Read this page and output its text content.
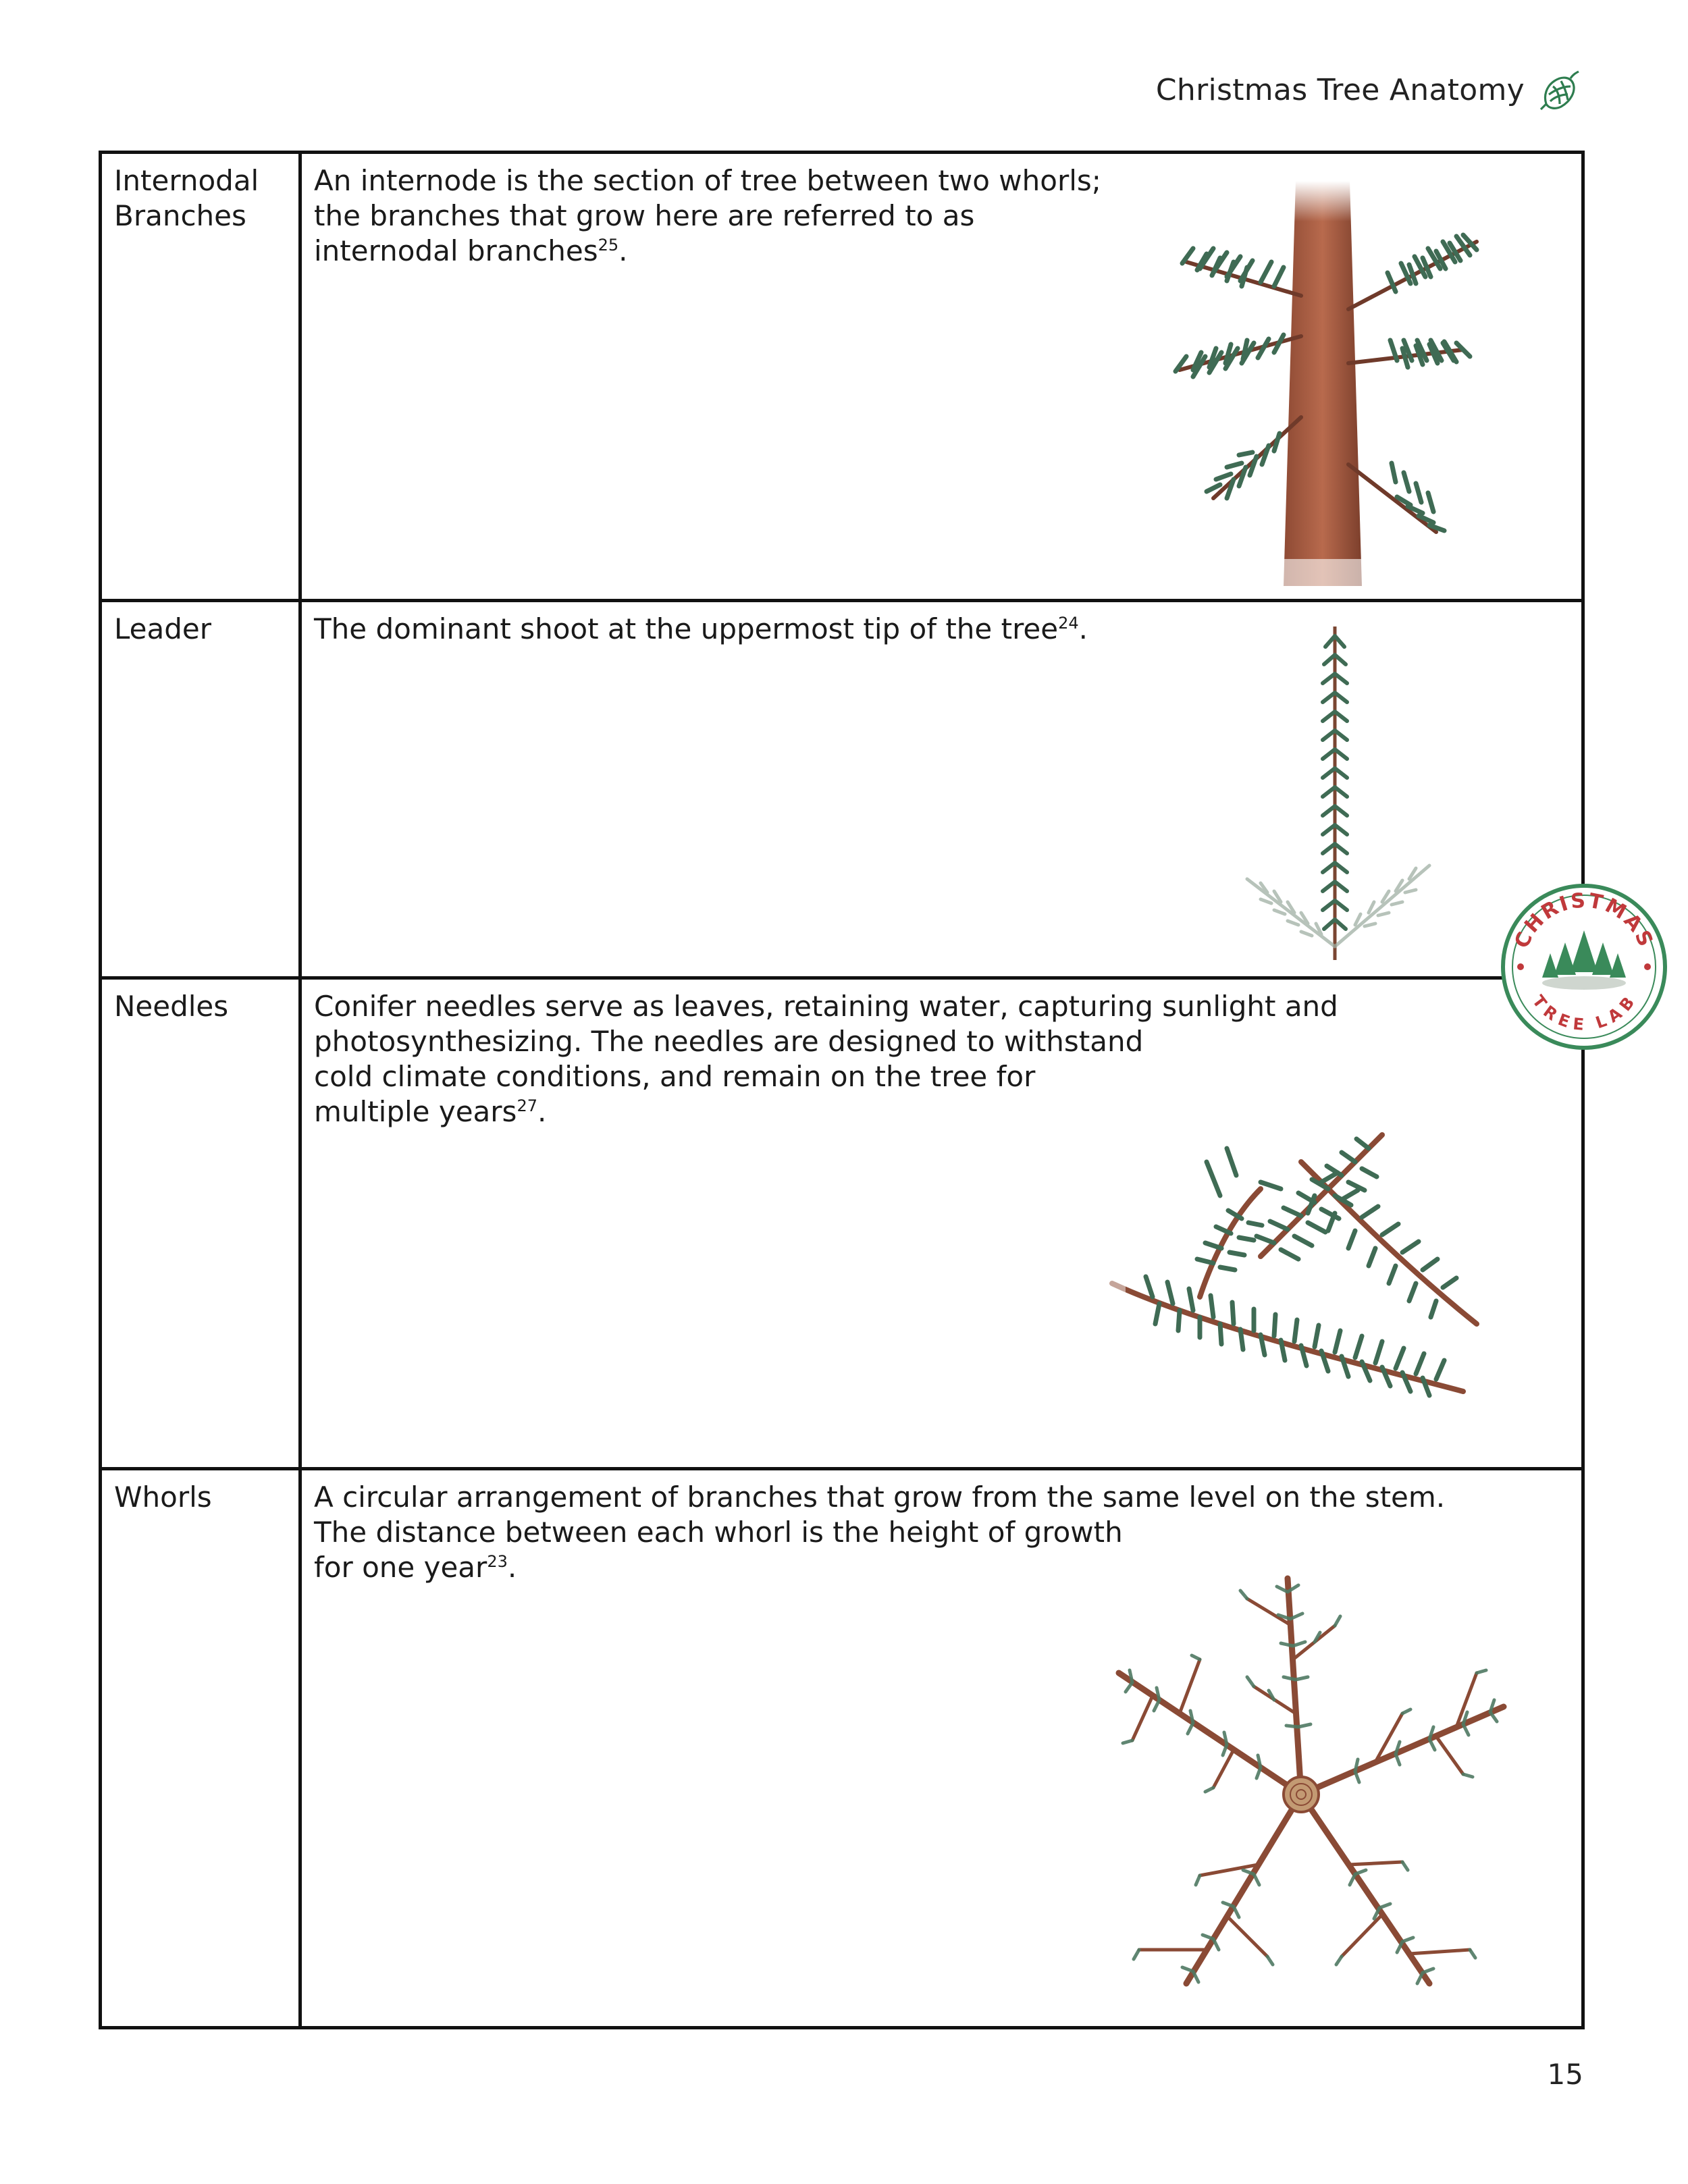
Christmas Tree Anatomy
Internodal
Branches	An internode is the section of tree between two whorls;
the branches that grow here are referred to as
internodal branches$^{25}$.

Leader	The dominant shoot at the uppermost tip of the tree$^{24}$.

Needles	Conifer needles serve as leaves, retaining water, capturing sunlight and
photosynthesizing. The needles are designed to withstand
cold climate conditions, and remain on the tree for
multiple years$^{27}$.

Whorls	A circular arrangement of branches that grow from the same level on the stem.
The distance between each whorl is the height of growth
for one year$^{23}$.
CHRISTMAS
TREE LAB
15
